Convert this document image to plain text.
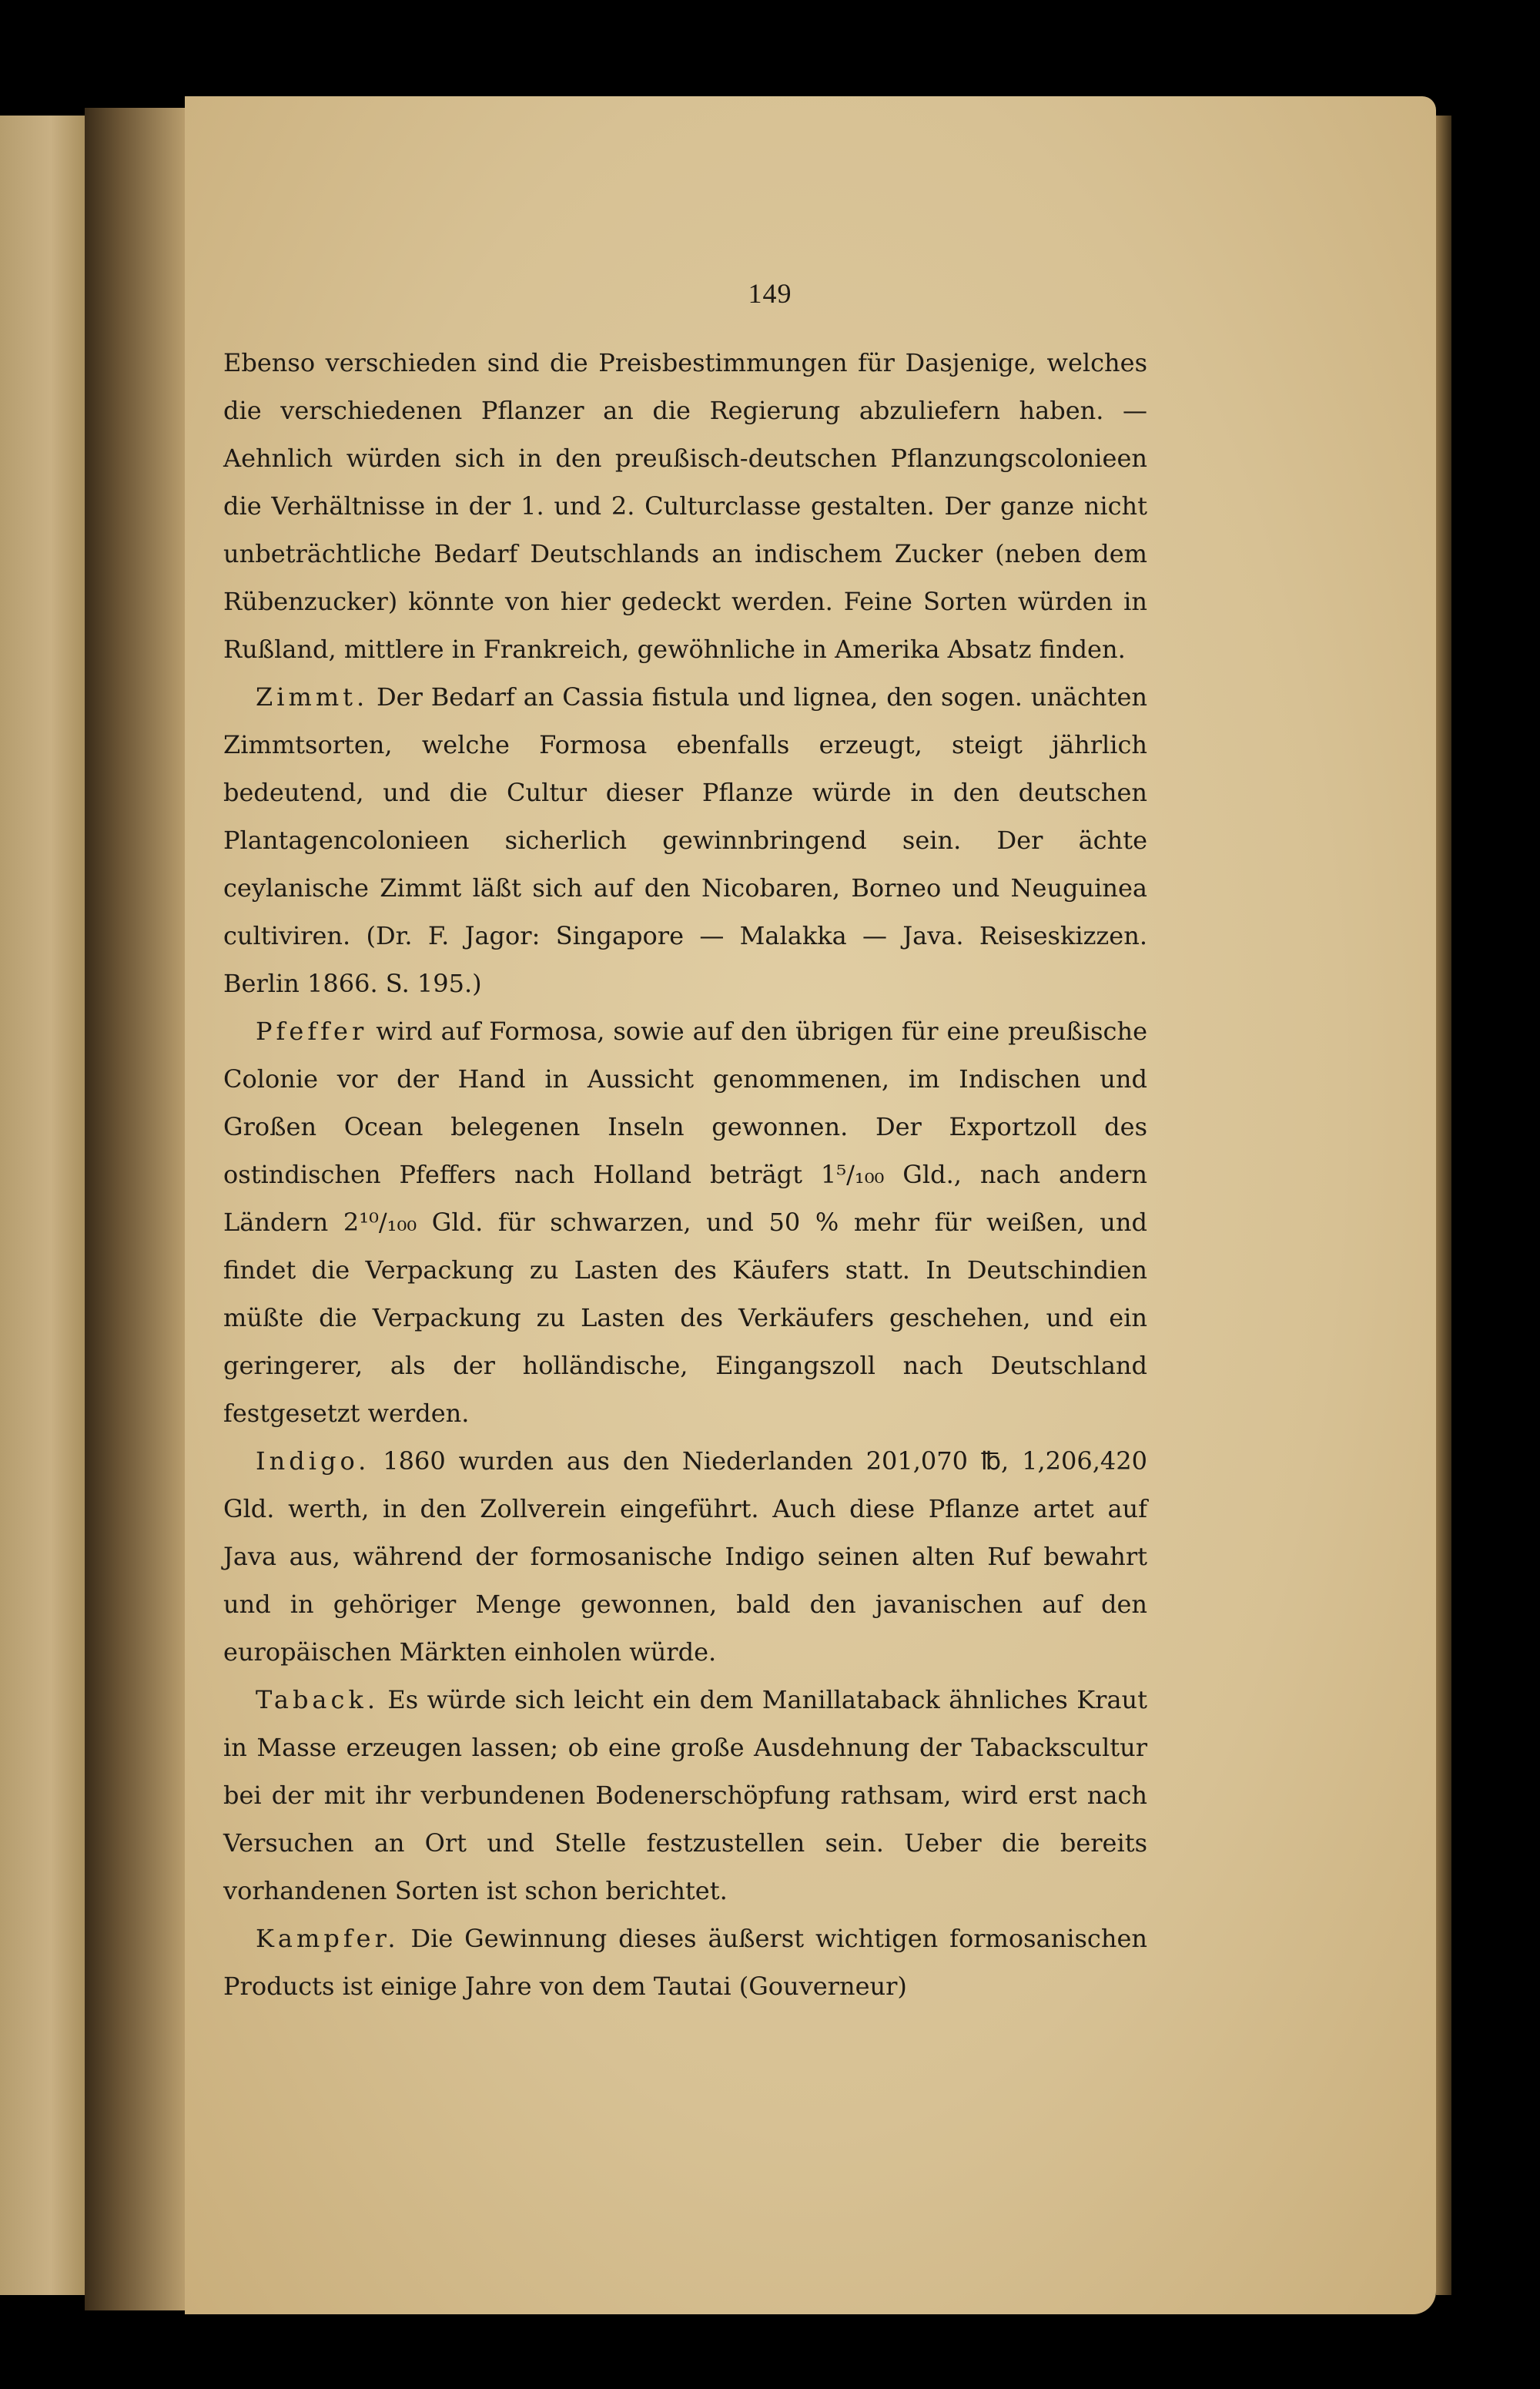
149

Ebenso verschieden sind die Preisbestimmungen für Dasjenige, welches die verschiedenen Pflanzer an die Regierung abzuliefern haben. — Aehnlich würden sich in den preußisch-deutschen Pflanzungscolonieen die Verhältnisse in der 1. und 2. Culturclasse gestalten. Der ganze nicht unbeträchtliche Bedarf Deutschlands an indischem Zucker (neben dem Rübenzucker) könnte von hier gedeckt werden. Feine Sorten würden in Rußland, mittlere in Frankreich, gewöhnliche in Amerika Absatz finden.

Zimmt. Der Bedarf an Cassia fistula und lignea, den sogen. unächten Zimmtsorten, welche Formosa ebenfalls erzeugt, steigt jährlich bedeutend, und die Cultur dieser Pflanze würde in den deutschen Plantagencolonieen sicherlich gewinnbringend sein. Der ächte ceylanische Zimmt läßt sich auf den Nicobaren, Borneo und Neuguinea cultiviren. (Dr. F. Jagor: Singapore — Malakka — Java. Reiseskizzen. Berlin 1866. S. 195.)

Pfeffer wird auf Formosa, sowie auf den übrigen für eine preußische Colonie vor der Hand in Aussicht genommenen, im Indischen und Großen Ocean belegenen Inseln gewonnen. Der Exportzoll des ostindischen Pfeffers nach Holland beträgt 1⁵/₁₀₀ Gld., nach andern Ländern 2¹⁰/₁₀₀ Gld. für schwarzen, und 50 % mehr für weißen, und findet die Verpackung zu Lasten des Käufers statt. In Deutschindien müßte die Verpackung zu Lasten des Verkäufers geschehen, und ein geringerer, als der holländische, Eingangszoll nach Deutschland festgesetzt werden.

Indigo. 1860 wurden aus den Niederlanden 201,070 ℔, 1,206,420 Gld. werth, in den Zollverein eingeführt. Auch diese Pflanze artet auf Java aus, während der formosanische Indigo seinen alten Ruf bewahrt und in gehöriger Menge gewonnen, bald den javanischen auf den europäischen Märkten einholen würde.

Taback. Es würde sich leicht ein dem Manillataback ähnliches Kraut in Masse erzeugen lassen; ob eine große Ausdehnung der Tabackscultur bei der mit ihr verbundenen Bodenerschöpfung rathsam, wird erst nach Versuchen an Ort und Stelle festzustellen sein. Ueber die bereits vorhandenen Sorten ist schon berichtet.

Kampfer. Die Gewinnung dieses äußerst wichtigen formosanischen Products ist einige Jahre von dem Tautai (Gouverneur)
